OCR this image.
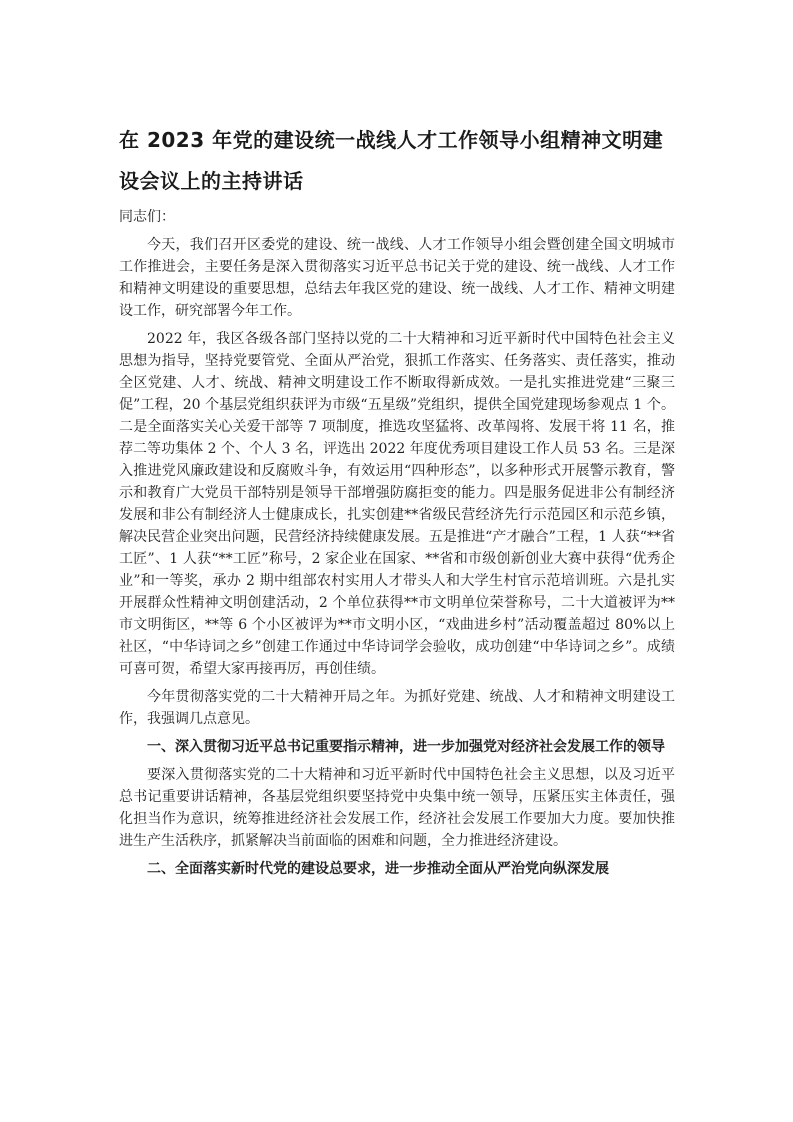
在 2023 年党的建设统一战线人才工作领导小组精神文明建设会议上的主持讲话

同志们：

今天，我们召开区委党的建设、统一战线、人才工作领导小组会暨创建全国文明城市工作推进会，主要任务是深入贯彻落实习近平总书记关于党的建设、统一战线、人才工作和精神文明建设的重要思想，总结去年我区党的建设、统一战线、人才工作、精神文明建设工作，研究部署今年工作。

2022 年，我区各级各部门坚持以党的二十大精神和习近平新时代中国特色社会主义思想为指导，坚持党要管党、全面从严治党，狠抓工作落实、任务落实、责任落实，推动全区党建、人才、统战、精神文明建设工作不断取得新成效。一是扎实推进党建“三聚三促”工程，20 个基层党组织获评为市级“五星级”党组织，提供全国党建现场参观点 1 个。二是全面落实关心关爱干部等 7 项制度，推选攻坚猛将、改革闯将、发展干将 11 名，推荐二等功集体 2 个、个人 3 名，评选出 2022 年度优秀项目建设工作人员 53 名。三是深入推进党风廉政建设和反腐败斗争，有效运用“四种形态”，以多种形式开展警示教育，警示和教育广大党员干部特别是领导干部增强防腐拒变的能力。四是服务促进非公有制经济发展和非公有制经济人士健康成长，扎实创建**省级民营经济先行示范园区和示范乡镇，解决民营企业突出问题，民营经济持续健康发展。五是推进“产才融合”工程，1 人获“**省工匠”、1 人获“**工匠”称号，2 家企业在国家、**省和市级创新创业大赛中获得“优秀企业”和一等奖，承办 2 期中组部农村实用人才带头人和大学生村官示范培训班。六是扎实开展群众性精神文明创建活动，2 个单位获得**市文明单位荣誉称号，二十大道被评为**市文明街区，**等 6 个小区被评为**市文明小区，“戏曲进乡村”活动覆盖超过 80%以上社区，“中华诗词之乡”创建工作通过中华诗词学会验收，成功创建“中华诗词之乡”。成绩可喜可贺，希望大家再接再厉，再创佳绩。

今年贯彻落实党的二十大精神开局之年。为抓好党建、统战、人才和精神文明建设工作，我强调几点意见。

一、深入贯彻习近平总书记重要指示精神，进一步加强党对经济社会发展工作的领导

要深入贯彻落实党的二十大精神和习近平新时代中国特色社会主义思想，以及习近平总书记重要讲话精神，各基层党组织要坚持党中央集中统一领导，压紧压实主体责任，强化担当作为意识，统筹推进经济社会发展工作，经济社会发展工作要加大力度。要加快推进生产生活秩序，抓紧解决当前面临的困难和问题，全力推进经济建设。

二、全面落实新时代党的建设总要求，进一步推动全面从严治党向纵深发展
